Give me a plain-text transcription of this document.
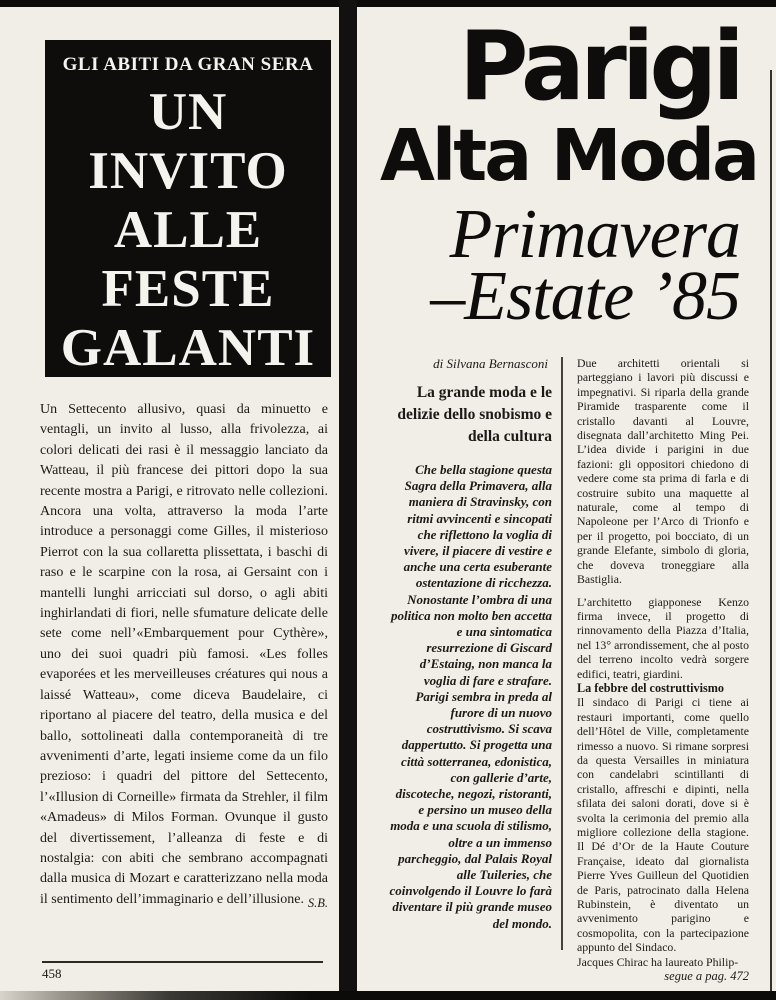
GLI ABITI DA GRAN SERA
UN
INVITO
ALLE
FESTE
GALANTI

Un Settecento allusivo, quasi da minuetto e ventagli, un invito al lusso, alla frivolezza, ai colori delicati dei rasi è il messaggio lanciato da Watteau, il più francese dei pittori dopo la sua recente mostra a Parigi, e ritrovato nelle collezioni. Ancora una volta, attraverso la moda l’arte introduce a personaggi come Gilles, il misterioso Pierrot con la sua collaretta plissettata, i baschi di raso e le scarpine con la rosa, ai Gersaint con i mantelli lunghi arricciati sul dorso, o agli abiti inghirlandati di fiori, nelle sfumature delicate delle sete come nell’«Embarquement pour Cythère», uno dei suoi quadri più famosi. «Les folles evaporées et les merveilleuses créatures qui nous a laissé Watteau», come diceva Baudelaire, ci riportano al piacere del teatro, della musica e del ballo, sottolineati dalla contemporaneità di tre avvenimenti d’arte, legati insieme come da un filo prezioso: i quadri del pittore del Settecento, l’«Illusion di Corneille» firmata da Strehler, il film «Amadeus» di Milos Forman. Ovunque il gusto del divertissement, l’alleanza di feste e di nostalgia: con abiti che sembrano accompagnati dalla musica di Mozart e caratterizzano nella moda il sentimento dell’immaginario e dell’illusione. S.B.

458
Parigi
Alta Moda
Primavera
–Estate ’85
di Silvana Bernasconi
La grande moda e le delizie dello snobismo e della cultura

Che bella stagione questa Sagra della Primavera, alla maniera di Stravinsky, con ritmi avvincenti e sincopati che riflettono la voglia di vivere, il piacere di vestire e anche una certa esuberante ostentazione di ricchezza. Nonostante l’ombra di una politica non molto ben accetta e una sintomatica resurrezione di Giscard d’Estaing, non manca la voglia di fare e strafare. Parigi sembra in preda al furore di un nuovo costruttivismo. Si scava dappertutto. Si progetta una città sotterranea, edonistica, con gallerie d’arte, discoteche, negozi, ristoranti, e persino un museo della moda e una scuola di stilismo, oltre a un immenso parcheggio, dal Palais Royal alle Tuileries, che coinvolgendo il Louvre lo farà diventare il più grande museo del mondo.

Due architetti orientali si parteggiano i lavori più discussi e impegnativi. Si riparla della grande Piramide trasparente come il cristallo davanti al Louvre, disegnata dall’architetto Ming Pei. L’idea divide i parigini in due fazioni: gli oppositori chiedono di vedere come sta prima di farla e di costruire subito una maquette al naturale, come al tempo di Napoleone per l’Arco di Trionfo e per il progetto, poi bocciato, di un grande Elefante, simbolo di gloria, che doveva troneggiare alla Bastiglia.

L’architetto giapponese Kenzo firma invece, il progetto di rinnovamento della Piazza d’Italia, nel 13° arrondissement, che al posto del terreno incolto vedrà sorgere edifici, teatri, giardini.

La febbre del costruttivismo

Il sindaco di Parigi ci tiene ai restauri importanti, come quello dell’Hôtel de Ville, completamente rimesso a nuovo. Si rimane sorpresi da questa Versailles in miniatura con candelabri scintillanti di cristallo, affreschi e dipinti, nella sfilata dei saloni dorati, dove si è svolta la cerimonia del premio alla migliore collezione della stagione. Il Dé d’Or de la Haute Couture Française, ideato dal giornalista Pierre Yves Guilleun del Quotidien de Paris, patrocinato dalla Helena Rubinstein, è diventato un avvenimento parigino e cosmopolita, con la partecipazione appunto del Sindaco.

Jacques Chirac ha laureato Philip-

segue a pag. 472
